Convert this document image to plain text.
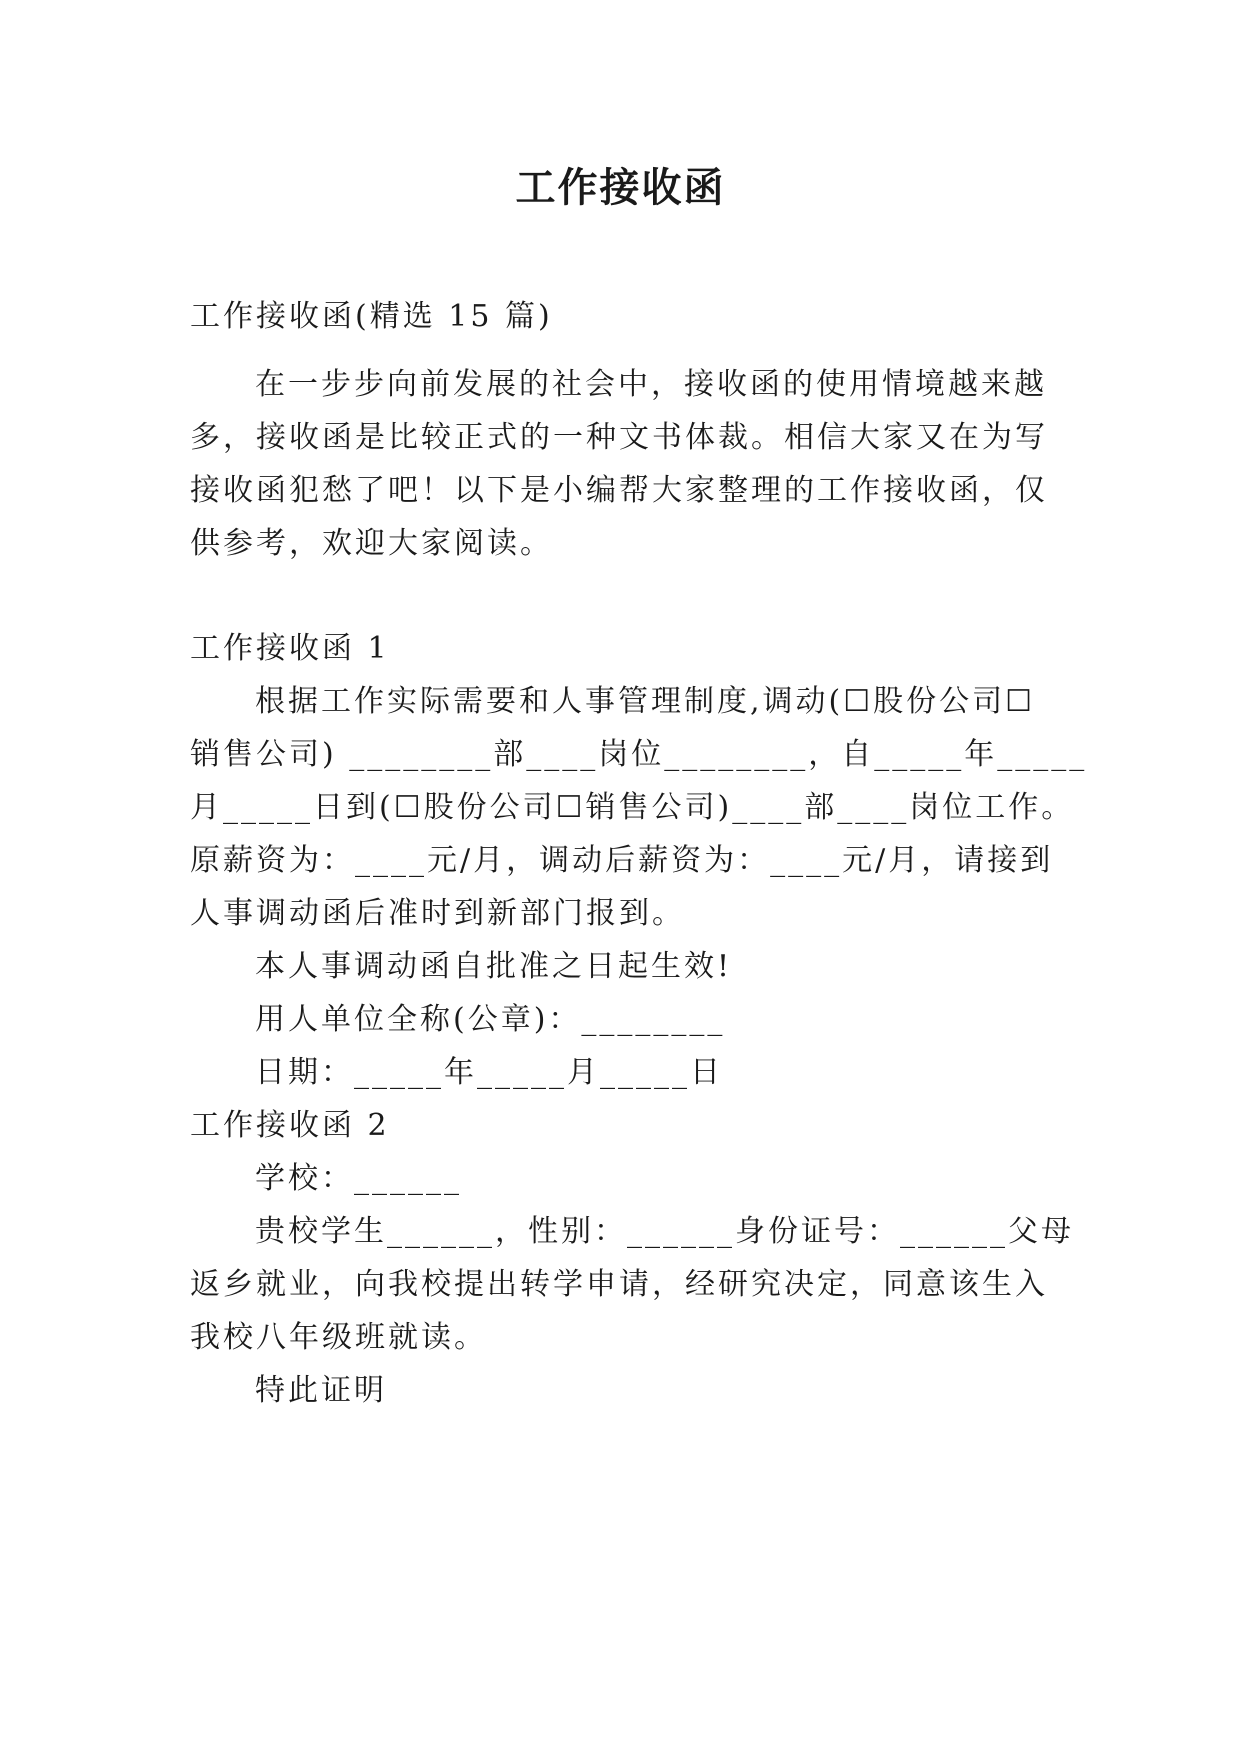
工作接收函
工作接收函(精选 15 篇)
在一步步向前发展的社会中，接收函的使用情境越来越
多，接收函是比较正式的一种文书体裁。相信大家又在为写
接收函犯愁了吧！以下是小编帮大家整理的工作接收函，仅
供参考，欢迎大家阅读。
工作接收函 1
根据工作实际需要和人事管理制度,调动(☐股份公司☐
销售公司) ________部____岗位________，自_____年_____
月_____日到(☐股份公司☐销售公司)____部____岗位工作。
原薪资为：____元/月，调动后薪资为：____元/月，请接到
人事调动函后准时到新部门报到。
本人事调动函自批准之日起生效!
用人单位全称(公章)：________
日期：_____年_____月_____日
工作接收函 2
学校：______
贵校学生______，性别：______身份证号：______父母
返乡就业，向我校提出转学申请，经研究决定，同意该生入
我校八年级班就读。
特此证明
